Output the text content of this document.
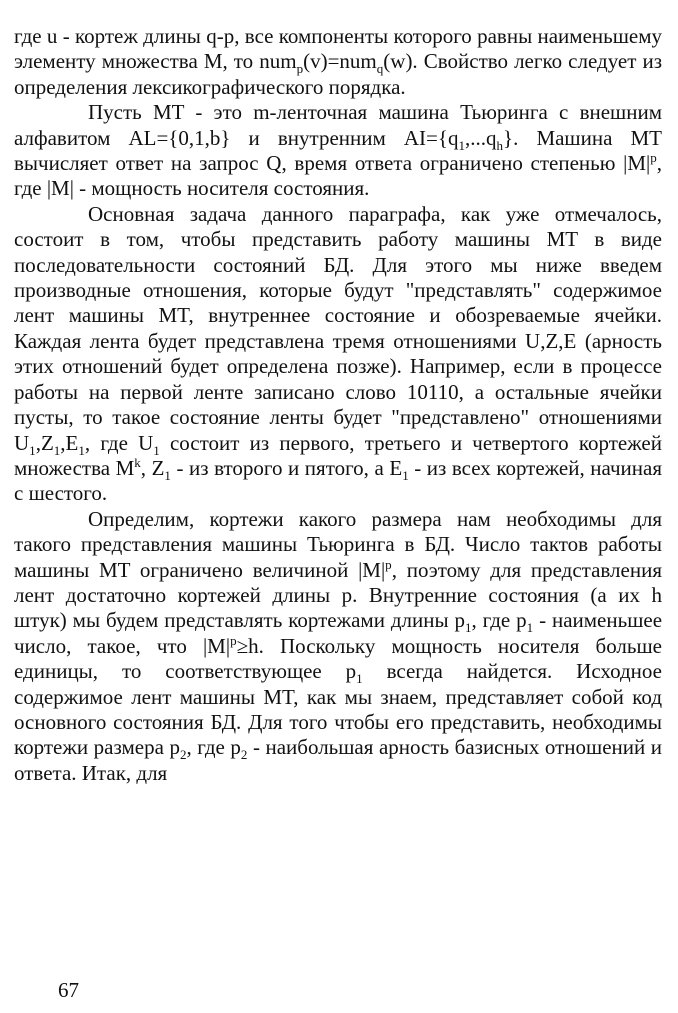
где u - кортеж длины q-p, все компоненты которого равны наименьшему элементу множества M, то num$_p$(v)=num$_q$(w). Свойство легко следует из определения лексикографического порядка.

Пусть MT - это m-ленточная машина Тьюринга с внешним алфавитом AL={0,1,b} и внутренним $AI=\{q_1,...q_h\}$. Машина MT вычисляет ответ на запрос Q, время ответа ограничено степенью $|M|^p$, где |M| - мощность носителя состояния.

Основная задача данного параграфа, как уже отмечалось, состоит в том, чтобы представить работу машины MT в виде последовательности состояний БД. Для этого мы ниже введем производные отношения, которые будут "представлять" содержимое лент машины MT, внутреннее состояние и обозреваемые ячейки. Каждая лента будет представлена тремя отношениями U,Z,E (арность этих отношений будет определена позже). Например, если в процессе работы на первой ленте записано слово 10110, а остальные ячейки пусты, то такое состояние ленты будет "представлено" отношениями $U_1,Z_1,E_1$, где $U_1$ состоит из первого, третьего и четвертого кортежей множества $M^k$, $Z_1$ - из второго и пятого, а $E_1$ - из всех кортежей, начиная с шестого.

Определим, кортежи какого размера нам необходимы для такого представления машины Тьюринга в БД. Число тактов работы машины MT ограничено величиной $|M|^p$, поэтому для представления лент достаточно кортежей длины p. Внутренние состояния (а их h штук) мы будем представлять кортежами длины $p_1$, где $p_1$ - наименьшее число, такое, что $|M|^p\ge h$. Поскольку мощность носителя больше единицы, то соответствующее $p_1$ всегда найдется. Исходное содержимое лент машины MT, как мы знаем, представляет собой код основного состояния БД. Для того чтобы его представить, необходимы кортежи размера $p_2$, где $p_2$ - наибольшая арность базисных отношений и ответа. Итак, для

67
